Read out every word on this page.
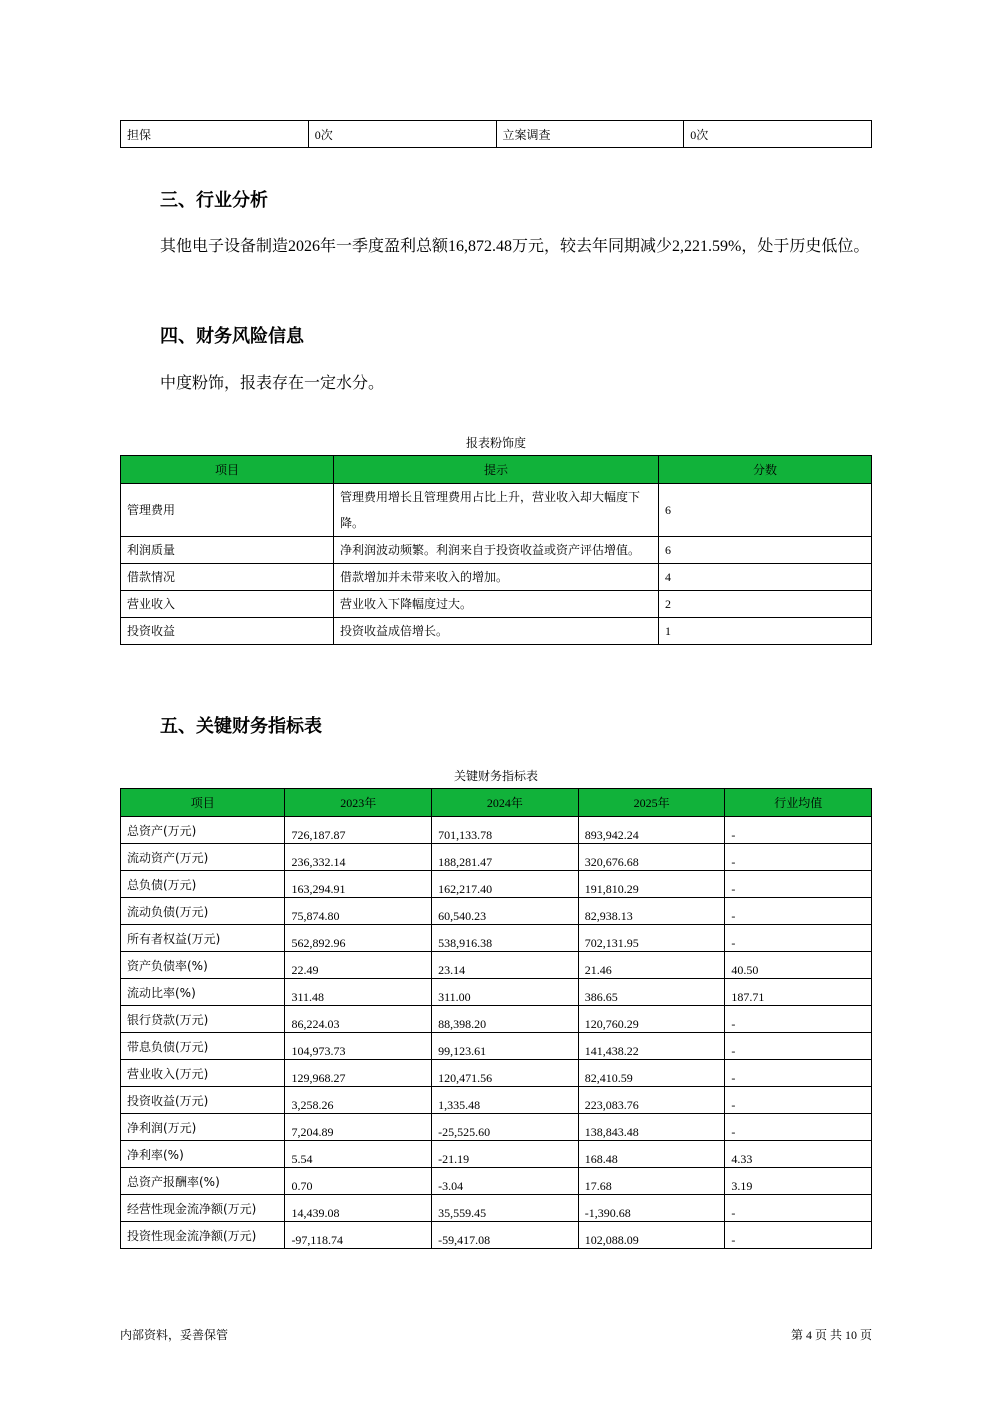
担保	0次	立案调查	0次
三、行业分析

其他电子设备制造2026年一季度盈利总额16,872.48万元，较去年同期减少2,221.59%，处于历史低位。

四、财务风险信息

中度粉饰，报表存在一定水分。

报表粉饰度
项目	提示	分数
管理费用	管理费用增长且管理费用占比上升，营业收入却大幅度下降。	6
利润质量	净利润波动频繁。利润来自于投资收益或资产评估增值。	6
借款情况	借款增加并未带来收入的增加。	4
营业收入	营业收入下降幅度过大。	2
投资收益	投资收益成倍增长。	1
五、关键财务指标表
关键财务指标表
项目	2023年	2024年	2025年	行业均值
总资产(万元)	726,187.87	701,133.78	893,942.24	-
流动资产(万元)	236,332.14	188,281.47	320,676.68	-
总负债(万元)	163,294.91	162,217.40	191,810.29	-
流动负债(万元)	75,874.80	60,540.23	82,938.13	-
所有者权益(万元)	562,892.96	538,916.38	702,131.95	-
资产负债率(%)	22.49	23.14	21.46	40.50
流动比率(%)	311.48	311.00	386.65	187.71
银行贷款(万元)	86,224.03	88,398.20	120,760.29	-
带息负债(万元)	104,973.73	99,123.61	141,438.22	-
营业收入(万元)	129,968.27	120,471.56	82,410.59	-
投资收益(万元)	3,258.26	1,335.48	223,083.76	-
净利润(万元)	7,204.89	-25,525.60	138,843.48	-
净利率(%)	5.54	-21.19	168.48	4.33
总资产报酬率(%)	0.70	-3.04	17.68	3.19
经营性现金流净额(万元)	14,439.08	35,559.45	-1,390.68	-
投资性现金流净额(万元)	-97,118.74	-59,417.08	102,088.09	-
内部资料，妥善保管	第 4 页 共 10 页
